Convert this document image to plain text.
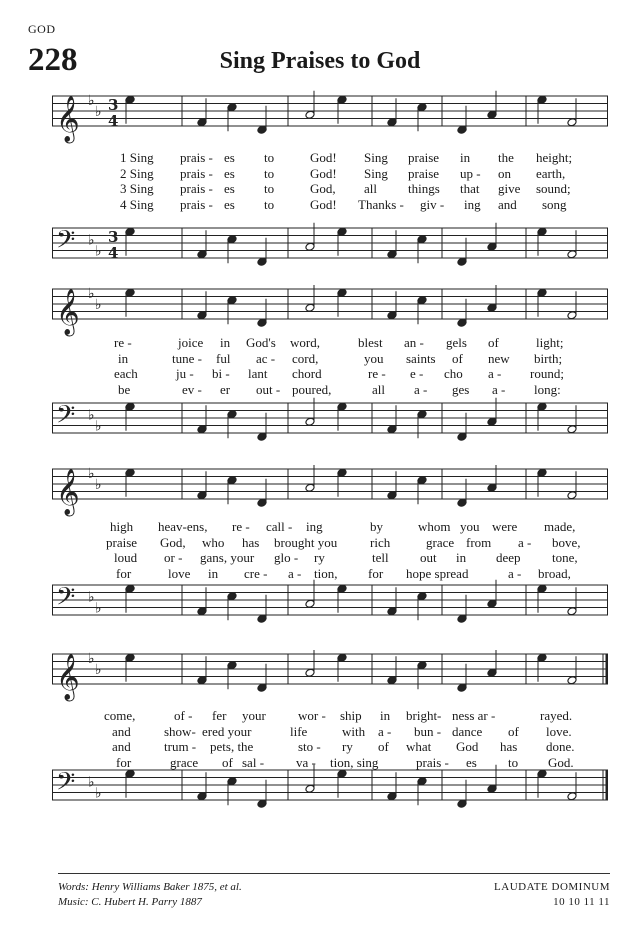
GOD
228	Sing Praises to God
𝄞 ♭
♭ 3
4
𝄢 ♭
♭
3
4
1 Sing prais - es to	God! Sing praise in the height;
2 Sing prais - es to	God! Sing praise up - on earth,
3 Sing prais - es to	God, all things that give sound;
4 Sing prais - es to	God! Thanks - giv - ing and song
𝄞 ♭
♭
𝄢 ♭
♭
re -	joice in God's word,	blest an - gels of	light;
in	tune - ful ac - cord,	you saints of new birth;
each	ju - bi - lant chord	re - e - cho a - round;
be	ev - er out - poured,	all a - ges a - long:
𝄞 ♭
♭
𝄢 ♭
♭
high heav-ens, re - call - ing	by	whom you were made,
praise God, who has brought you	rich	grace from a - bove,
loud or - gans, your glo - ry	tell out in deep tone,
for	love in cre - a - tion, for hope spread	a - broad,
𝄞 ♭
♭
𝄢 ♭
♭
come,	of - fer your wor - ship in bright- ness ar -	rayed.
and	show- ered your	life	with a - bun - dance of love.
and	trum - pets, the	sto - ry of what God has done.
for	grace of sal - va - tion, sing	prais - es to God.
Words: Henry Williams Baker 1875, et al.
Music: C. Hubert H. Parry 1887
LAUDATE DOMINUM
10 10 11 11
